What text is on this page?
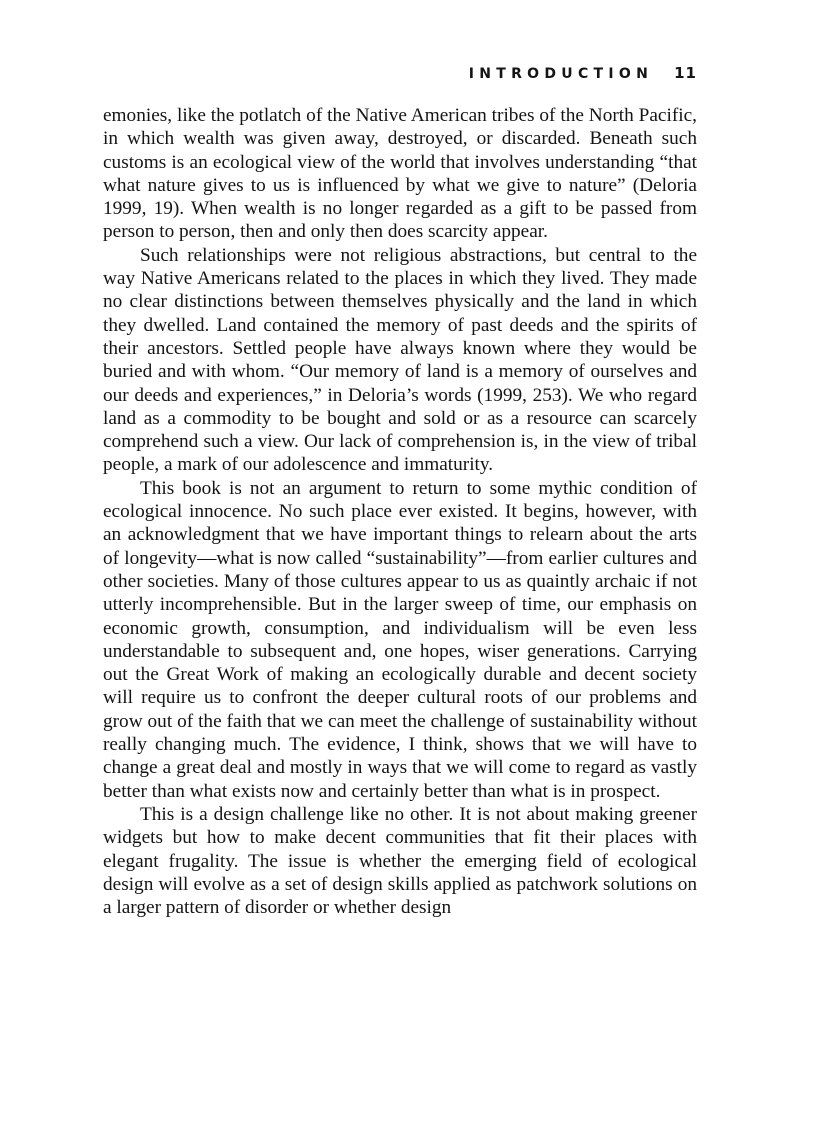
INTRODUCTION 11

emonies, like the potlatch of the Native American tribes of the North Pacific, in which wealth was given away, destroyed, or discarded. Beneath such customs is an ecological view of the world that involves understanding “that what nature gives to us is influenced by what we give to nature” (Deloria 1999, 19). When wealth is no longer regarded as a gift to be passed from person to person, then and only then does scarcity appear.

Such relationships were not religious abstractions, but central to the way Native Americans related to the places in which they lived. They made no clear distinctions between themselves physically and the land in which they dwelled. Land contained the memory of past deeds and the spirits of their ancestors. Settled people have always known where they would be buried and with whom. “Our memory of land is a memory of ourselves and our deeds and experiences,” in Deloria’s words (1999, 253). We who regard land as a commodity to be bought and sold or as a resource can scarcely comprehend such a view. Our lack of comprehension is, in the view of tribal people, a mark of our adolescence and immaturity.

This book is not an argument to return to some mythic condition of ecological innocence. No such place ever existed. It begins, however, with an acknowledgment that we have important things to relearn about the arts of longevity—what is now called “sustainability”—from earlier cultures and other societies. Many of those cultures appear to us as quaintly archaic if not utterly incomprehensible. But in the larger sweep of time, our emphasis on economic growth, consumption, and individualism will be even less understandable to subsequent and, one hopes, wiser generations. Carrying out the Great Work of making an ecologically durable and decent society will require us to confront the deeper cultural roots of our problems and grow out of the faith that we can meet the challenge of sustainability without really changing much. The evidence, I think, shows that we will have to change a great deal and mostly in ways that we will come to regard as vastly better than what exists now and certainly better than what is in prospect.

This is a design challenge like no other. It is not about making greener widgets but how to make decent communities that fit their places with elegant frugality. The issue is whether the emerging field of ecological design will evolve as a set of design skills applied as patchwork solutions on a larger pattern of disorder or whether design
